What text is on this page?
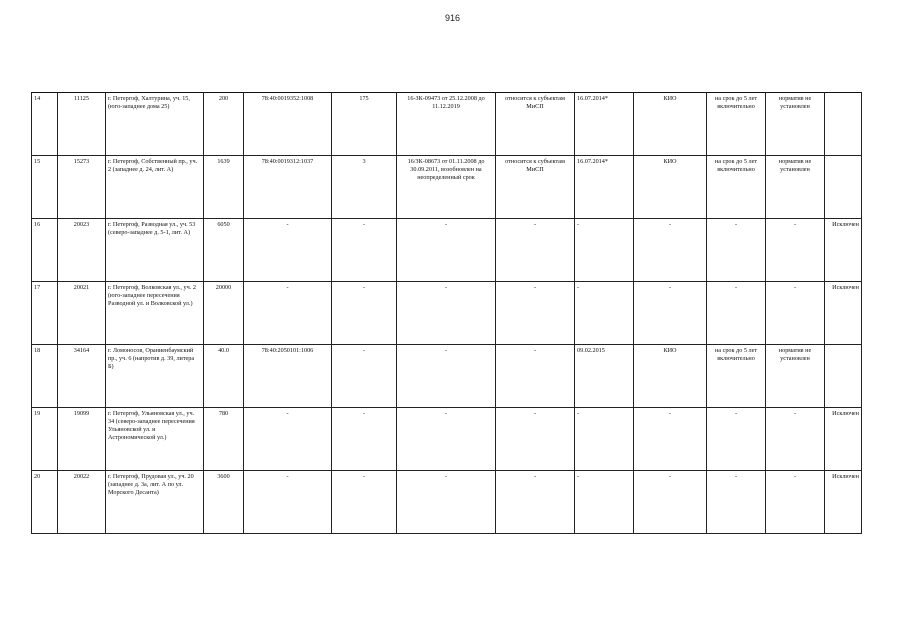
916
14	11125	г. Петергоф, Халтурина, уч. 15, (юго-западнее дома 25)	200	78:40:0019352:1008	175	16-ЗК-09473 от 25.12.2008 до 11.12.2019	относится к субъектам МиСП	16.07.2014*	КИО	на срок до 5 лет включительно	норматив не установлен	
15	15273	г. Петергоф, Собственный пр., уч. 2 (западнее д. 24, лит. А)	1639	78:40:0019312:1037	3	16/ЗК-08673 от 01.11.2008 до 30.09.2011, возобновлен на неопределенный срок	относится к субъектам МиСП	16.07.2014*	КИО	на срок до 5 лет включительно	норматив не установлен	
16	20023	г. Петергоф, Разводная ул., уч. 53 (северо-западнее д. 5-1, лит. А)	6050	-	-	-	-	-	-	-	-	Исключен
17	20021	г. Петергоф, Волковская ул., уч. 2 (юго-западнее пересечения Разводной ул. и Волковской ул.)	20000	-	-	-	-	-	-	-	-	Исключен
18	34164	г. Ломоносов, Ораниенбаумский пр., уч. 6 (напротив д. 39, литера Б)	40.0	78:40:2050101:1006	-	-	-	09.02.2015	КИО	на срок до 5 лет включительно	норматив не установлен	
19	19099	г. Петергоф, Ульяновская ул., уч. 34 (северо-западнее пересечения Ульяновской ул. и Астрономической ул.)	780	-	-	-	-	-	-	-	-	Исключен
20	20022	г. Петергоф, Прудовая ул., уч. 20 (западнее д. 3а, лит. А по ул. Морского Десанта)	3600	-	-	-	-	-	-	-	-	Исключен
